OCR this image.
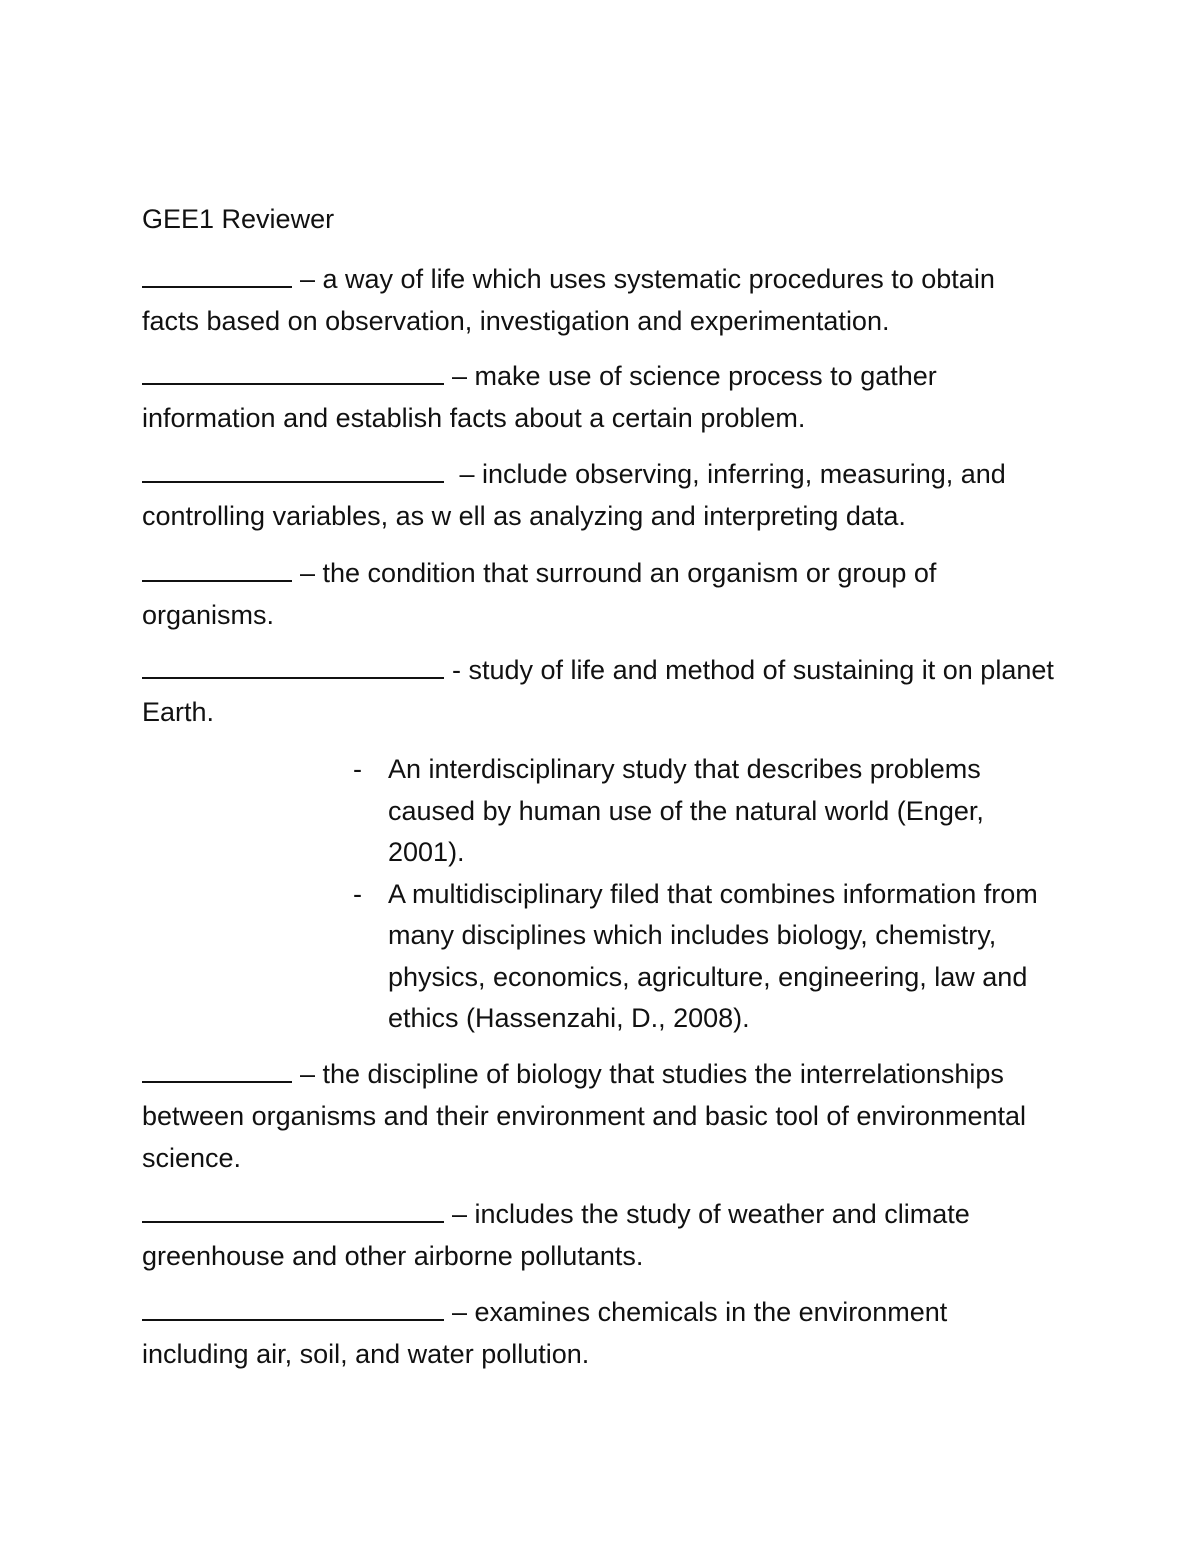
GEE1 Reviewer
– a way of life which uses systematic procedures to obtain facts based on observation, investigation and experimentation.
– make use of science process to gather information and establish facts about a certain problem.
– include observing, inferring, measuring, and controlling variables, as w ell as analyzing and interpreting data.
– the condition that surround an organism or group of organisms.
- study of life and method of sustaining it on planet Earth.
- An interdisciplinary study that describes problems caused by human use of the natural world (Enger, 2001).
- A multidisciplinary filed that combines information from many disciplines which includes biology, chemistry, physics, economics, agriculture, engineering, law and ethics (Hassenzahi, D., 2008).
– the discipline of biology that studies the interrelationships between organisms and their environment and basic tool of environmental science.
– includes the study of weather and climate greenhouse and other airborne pollutants.
– examines chemicals in the environment including air, soil, and water pollution.
